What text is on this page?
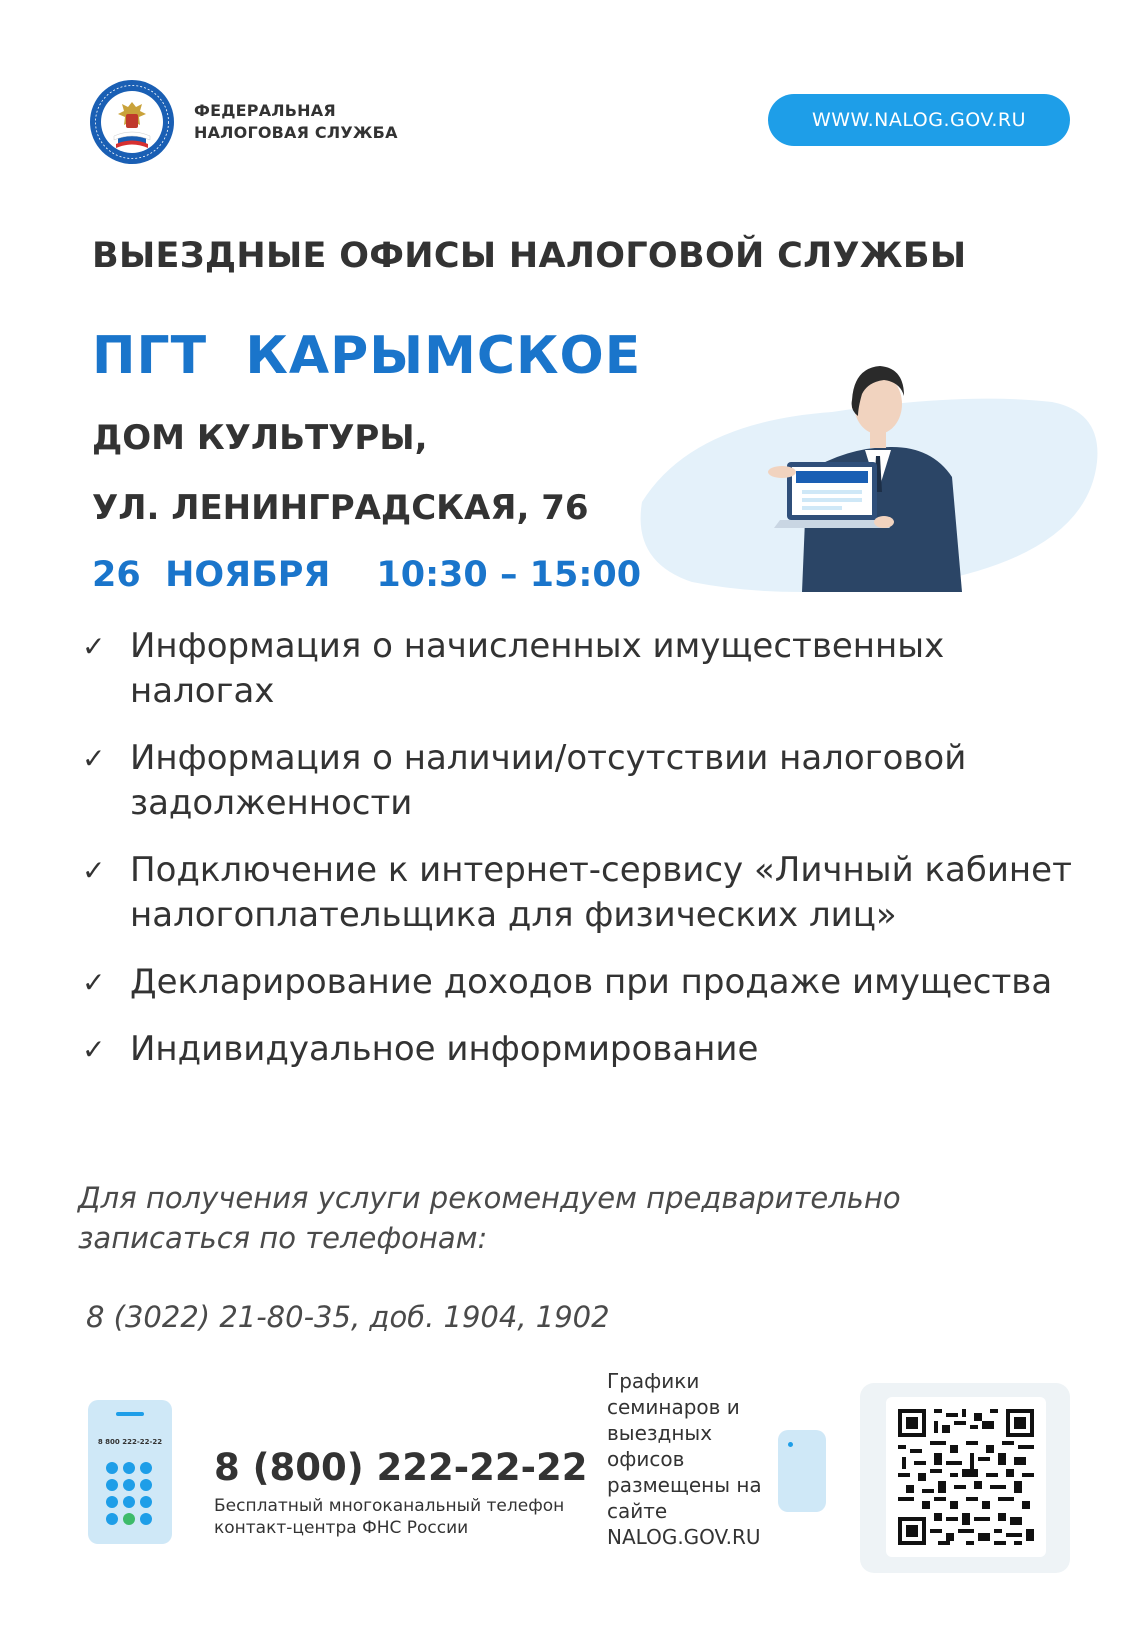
ФЕДЕРАЛЬНАЯ
НАЛОГОВАЯ СЛУЖБА
WWW.NALOG.GOV.RU
ВЫЕЗДНЫЕ ОФИСЫ НАЛОГОВОЙ СЛУЖБЫ
ПГТ  КАРЫМСКОЕ
ДОМ КУЛЬТУРЫ,
УЛ. ЛЕНИНГРАДСКАЯ, 76
26  НОЯБРЯ 10:30 – 15:00
✓ Информация о начисленных имущественных налогах
✓ Информация о наличии/отсутствии налоговой задолженности
✓ Подключение к интернет-сервису «Личный кабинет налогоплательщика для физических лиц»
✓ Декларирование доходов при продаже имущества
✓ Индивидуальное информирование
Для получения услуги рекомендуем предварительно записаться по телефонам:
8 (3022) 21-80-35, доб. 1904, 1902
8 800 222-22-22
8 (800) 222-22-22
Бесплатный многоканальный телефон контакт-центра ФНС России
Графики семинаров и выездных офисов размещены на сайте NALOG.GOV.RU
